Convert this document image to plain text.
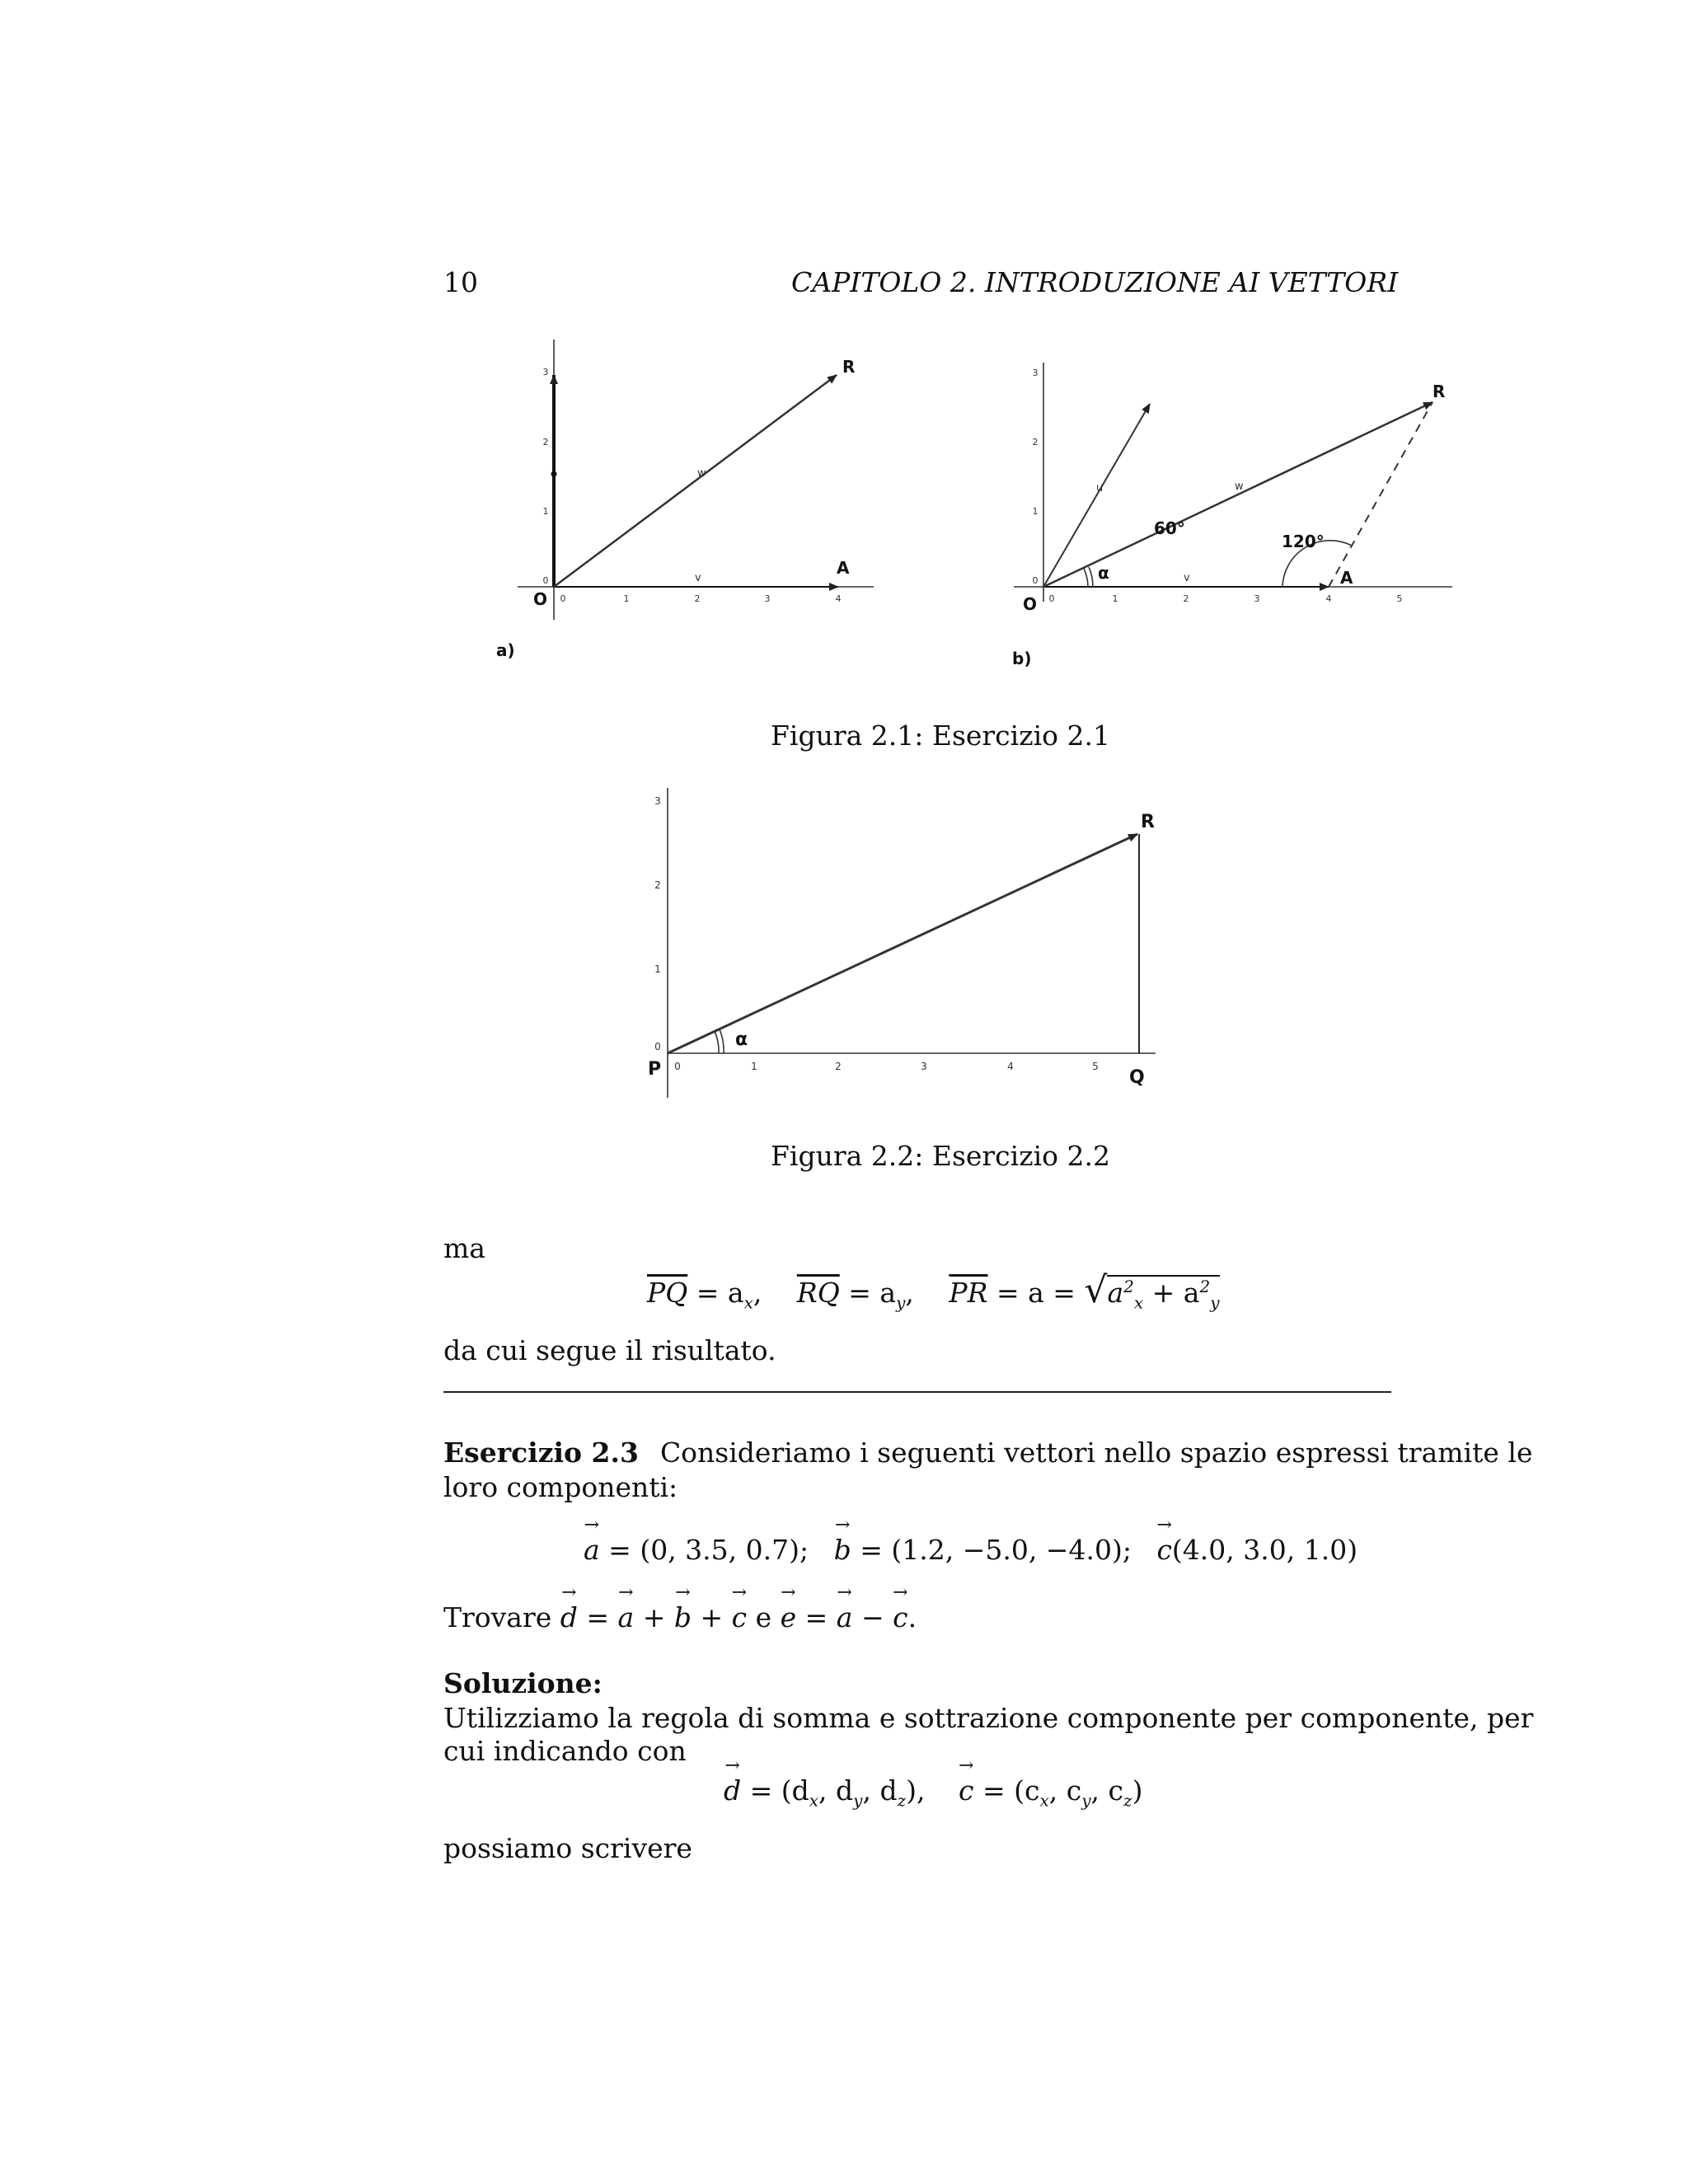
10	CAPITOLO 2. INTRODUZIONE AI VETTORI
0	1	2	3	4
0
1
2
3
w
v
R
A
O
a)
0	1	2	3	4	5
0
1
2
3
60°
120°
α
u	w
v
R
A
O
b)
Figura 2.1: Esercizio 2.1
0	1	2	3	4	5
0
1
2
3
α
R
P	Q
Figura 2.2: Esercizio 2.2
ma
$\overline{PQ} = a_x$, $\overline{RQ} = a_y$, $\overline{PR} = a = √a^2_x + a^2_y$
da cui segue il risultato.
Esercizio 2.3 Consideriamo i seguenti vettori nello spazio espressi tramite le
loro componenti:
→ a = (0, 3.5, 0.7); → b = (1.2, −5.0, −4.0); → c(4.0, 3.0, 1.0)
Trovare → d = → a + → b + → c e → e = → a − → c.
Soluzione:
Utilizziamo la regola di somma e sottrazione componente per componente, per
cui indicando con
→ $d = (d_x$, $d_y$, $d_z$), → $c = (c_x$, $c_y$, $c_z$)
possiamo scrivere
